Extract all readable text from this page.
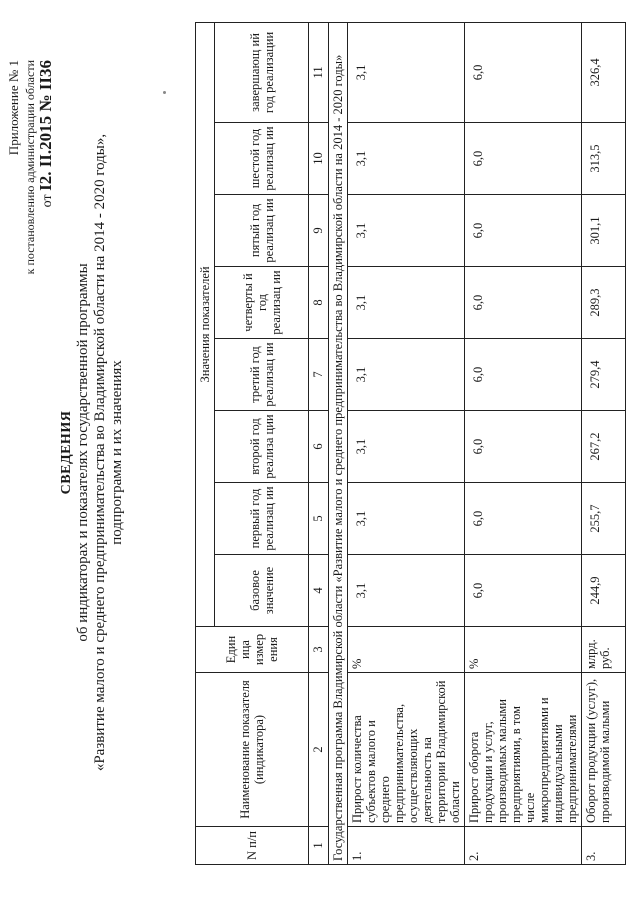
Приложение № 1 к постановлению администрации области от I2. II.2015 № II36
СВЕДЕНИЯ об индикаторах и показателях государственной программы «Развитие малого и среднего предпринимательства во Владимирской области на 2014 - 2020 годы», подпрограмм и их значениях
N п/п	Наименование показателя (индикатора)	Един ица измер ения	Значения показателей							
			базовое значение	первый год реализац ии	второй год реализа ции	третий год реализац ии	четверты й год реализац ии	пятый год реализац ии	шестой год реализац ии	завершающ ий год реализации
1	2	3	4	5	6	7	8	9	10	11
Государственная программа Владимирской области «Развитие малого и среднего предпринимательства во Владимирской области на 2014 - 2020 годы»										
1.	Прирост количества субъектов малого и среднего предпринимательства, осуществляющих деятельность на территории Владимирской области	%	3,1	3,1	3,1	3,1	3,1	3,1	3,1	3,1
2.	Прирост оборота продукции и услуг, производимых малыми предприятиями, в том числе микропредприятиями и индивидуальными предпринимателями	%	6,0	6,0	6,0	6,0	6,0	6,0	6,0	6,0
3.	Оборот продукции (услуг), производимой малыми	млрд. руб.	244,9	255,7	267,2	279,4	289,3	301,1	313,5	326,4
